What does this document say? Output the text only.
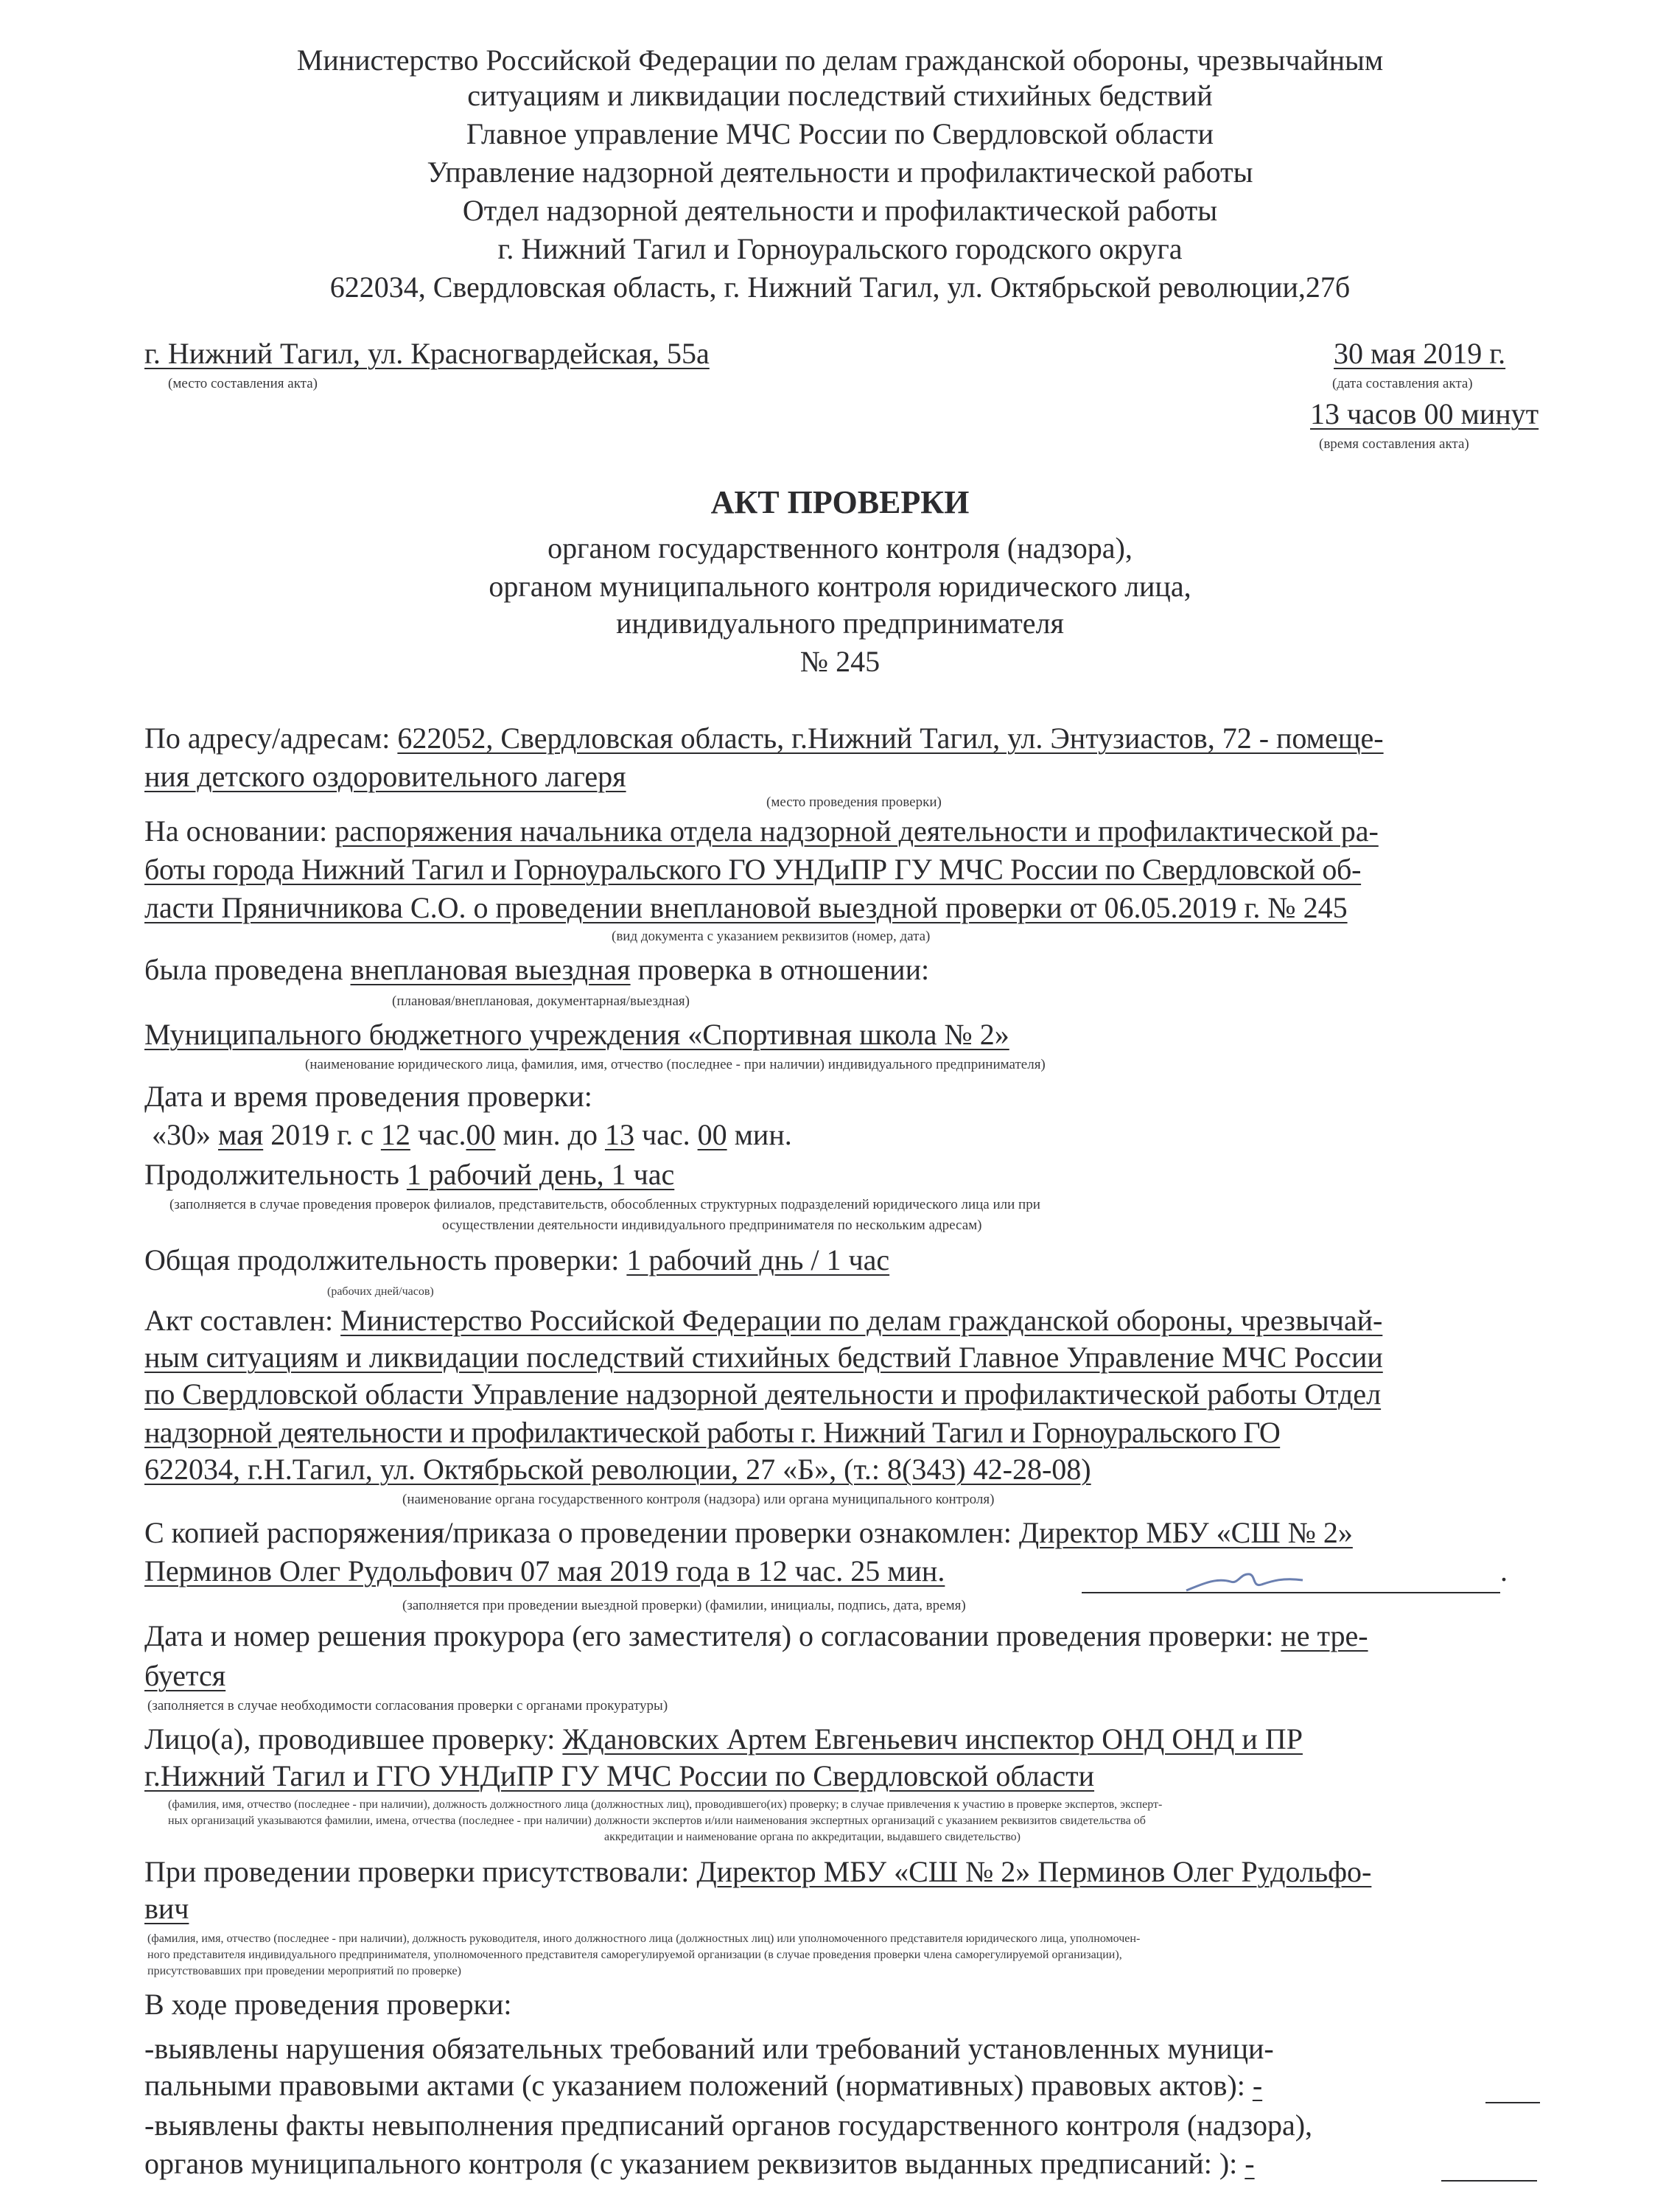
Министерство Российской Федерации по делам гражданской обороны, чрезвычайным
ситуациям и ликвидации последствий стихийных бедствий
Главное управление МЧС России по Свердловской области
Управление надзорной деятельности и профилактической работы
Отдел надзорной деятельности и профилактической работы
г. Нижний Тагил и Горноуральского городского округа
622034, Свердловская область, г. Нижний Тагил, ул. Октябрьской революции,27б
г. Нижний Тагил, ул. Красногвардейская, 55а
(место составления акта)
30 мая 2019 г.
(дата составления акта)
13 часов 00 минут
(время составления акта)
АКТ ПРОВЕРКИ
органом государственного контроля (надзора),
органом муниципального контроля юридического лица,
индивидуального предпринимателя
№ 245
По адресу/адресам: 622052, Свердловская область, г.Нижний Тагил, ул. Энтузиастов, 72 - помеще-
ния детского оздоровительного лагеря
(место проведения проверки)
На основании: распоряжения начальника отдела надзорной деятельности и профилактической ра-
боты города Нижний Тагил и Горноуральского ГО УНДиПР ГУ МЧС России по Свердловской об-
ласти Пряничникова С.О. о проведении внеплановой выездной проверки от 06.05.2019 г. № 245
(вид документа с указанием реквизитов (номер, дата)
была проведена внеплановая выездная проверка в отношении:
(плановая/внеплановая, документарная/выездная)
Муниципального бюджетного учреждения «Спортивная школа № 2»
(наименование юридического лица, фамилия, имя, отчество (последнее - при наличии) индивидуального предпринимателя)
Дата и время проведения проверки:
«30» мая 2019 г. с 12 час.00 мин. до 13 час. 00 мин.
Продолжительность 1 рабочий день, 1 час
(заполняется в случае проведения проверок филиалов, представительств, обособленных структурных подразделений юридического лица или при
осуществлении деятельности индивидуального предпринимателя по нескольким адресам)
Общая продолжительность проверки: 1 рабочий днь / 1 час
(рабочих дней/часов)
Акт составлен: Министерство Российской Федерации по делам гражданской обороны, чрезвычай-
ным ситуациям и ликвидации последствий стихийных бедствий Главное Управление МЧС России
по Свердловской области Управление надзорной деятельности и профилактической работы Отдел
надзорной деятельности и профилактической работы г. Нижний Тагил и Горноуральского ГО
622034, г.Н.Тагил, ул. Октябрьской революции, 27 «Б», (т.: 8(343) 42-28-08)
(наименование органа государственного контроля (надзора) или органа муниципального контроля)
С копией распоряжения/приказа о проведении проверки ознакомлен: Директор МБУ «СШ № 2»
Перминов Олег Рудольфович 07 мая 2019 года в 12 час. 25 мин.	.
(заполняется при проведении выездной проверки) (фамилии, инициалы, подпись, дата, время)
Дата и номер решения прокурора (его заместителя) о согласовании проведения проверки: не тре-
буется
(заполняется в случае необходимости согласования проверки с органами прокуратуры)
Лицо(а), проводившее проверку: Ждановских Артем Евгеньевич инспектор ОНД ОНД и ПР
г.Нижний Тагил и ГГО УНДиПР ГУ МЧС России по Свердловской области
(фамилия, имя, отчество (последнее - при наличии), должность должностного лица (должностных лиц), проводившего(их) проверку; в случае привлечения к участию в проверке экспертов, эксперт-
ных организаций указываются фамилии, имена, отчества (последнее - при наличии) должности экспертов и/или наименования экспертных организаций с указанием реквизитов свидетельства об
аккредитации и наименование органа по аккредитации, выдавшего свидетельство)
При проведении проверки присутствовали: Директор МБУ «СШ № 2» Перминов Олег Рудольфо-
вич
(фамилия, имя, отчество (последнее - при наличии), должность руководителя, иного должностного лица (должностных лиц) или уполномоченного представителя юридического лица, уполномочен-
ного представителя индивидуального предпринимателя, уполномоченного представителя саморегулируемой организации (в случае проведения проверки члена саморегулируемой организации),
присутствовавших при проведении мероприятий по проверке)
В ходе проведения проверки:
-выявлены нарушения обязательных требований или требований установленных муници-
пальными правовыми актами (с указанием положений (нормативных) правовых актов): -
-выявлены факты невыполнения предписаний органов государственного контроля (надзора),
органов муниципального контроля (с указанием реквизитов выданных предписаний: ): -
